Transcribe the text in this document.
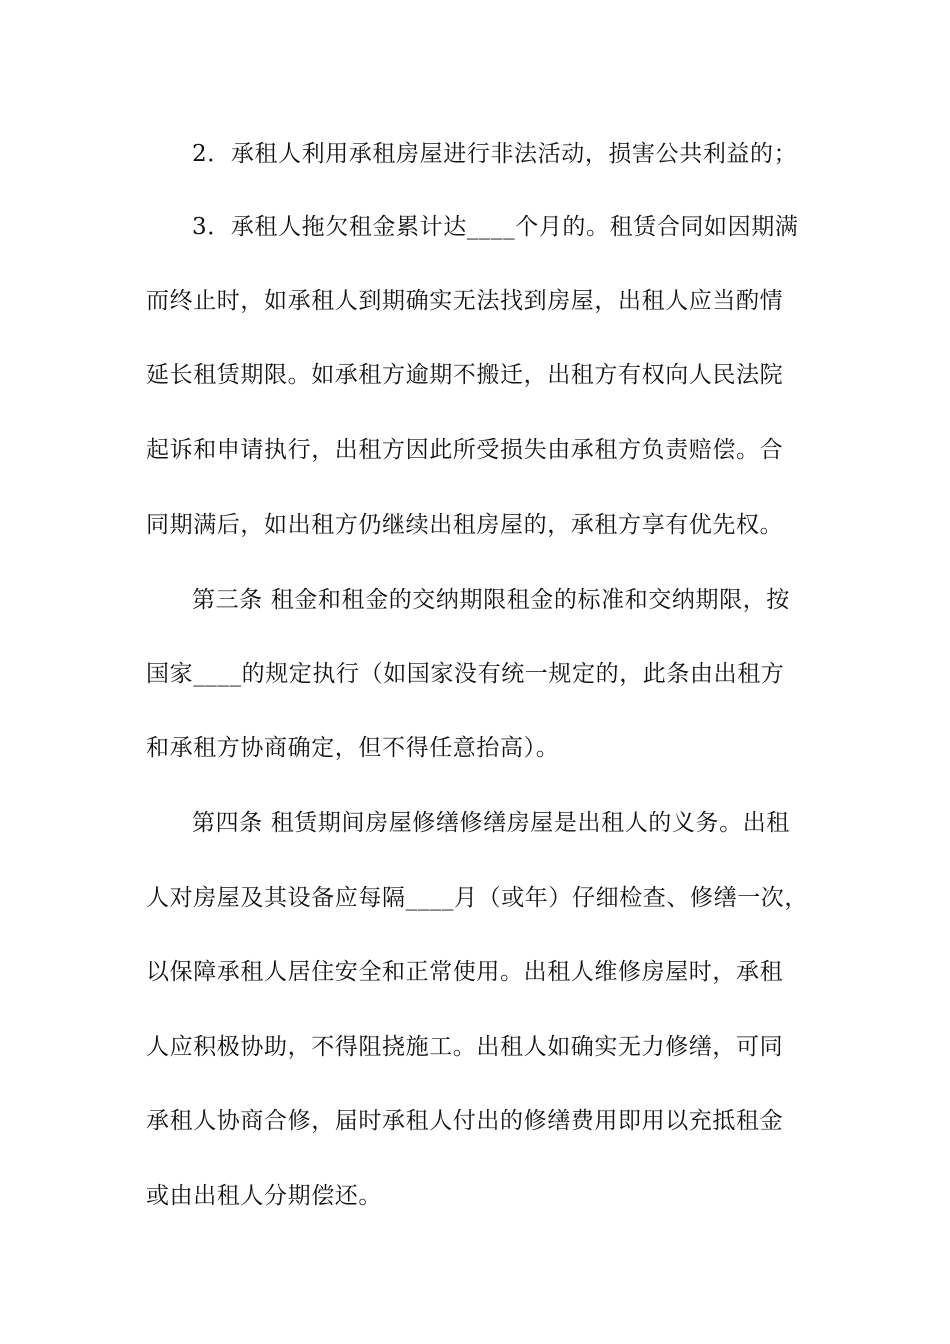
2．承租人利用承租房屋进行非法活动，损害公共利益的；
3．承租人拖欠租金累计达____个月的。租赁合同如因期满
而终止时，如承租人到期确实无法找到房屋，出租人应当酌情
延长租赁期限。如承租方逾期不搬迁，出租方有权向人民法院
起诉和申请执行，出租方因此所受损失由承租方负责赔偿。合
同期满后，如出租方仍继续出租房屋的，承租方享有优先权。
第三条 租金和租金的交纳期限租金的标准和交纳期限，按
国家____的规定执行（如国家没有统一规定的，此条由出租方
和承租方协商确定，但不得任意抬高）。
第四条 租赁期间房屋修缮修缮房屋是出租人的义务。出租
人对房屋及其设备应每隔____月（或年）仔细检查、修缮一次，
以保障承租人居住安全和正常使用。出租人维修房屋时，承租
人应积极协助，不得阻挠施工。出租人如确实无力修缮，可同
承租人协商合修，届时承租人付出的修缮费用即用以充抵租金
或由出租人分期偿还。
